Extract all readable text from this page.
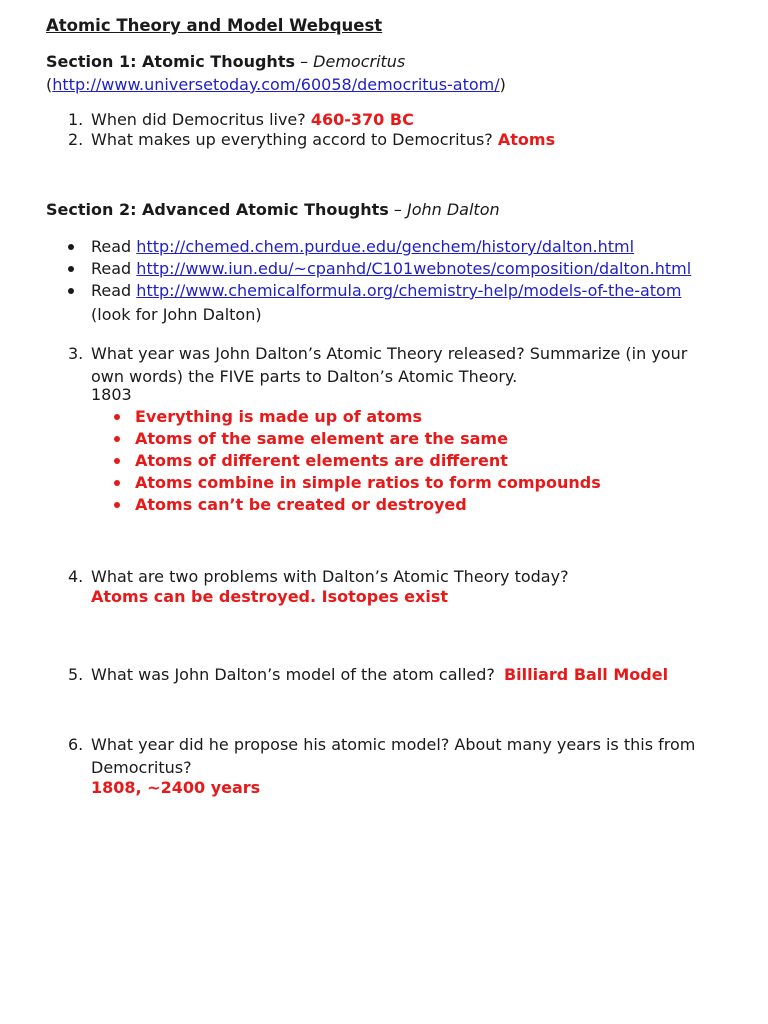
Atomic Theory and Model Webquest
Section 1: Atomic Thoughts – Democritus
(http://www.universetoday.com/60058/democritus-atom/)
1. When did Democritus live? 460-370 BC
2. What makes up everything accord to Democritus? Atoms
Section 2: Advanced Atomic Thoughts – John Dalton
Read http://chemed.chem.purdue.edu/genchem/history/dalton.html
Read http://www.iun.edu/~cpanhd/C101webnotes/composition/dalton.html
Read http://www.chemicalformula.org/chemistry-help/models-of-the-atom
(look for John Dalton)
3. What year was John Dalton’s Atomic Theory released? Summarize (in your
own words) the FIVE parts to Dalton’s Atomic Theory.
1803
Everything is made up of atoms
Atoms of the same element are the same
Atoms of different elements are different
Atoms combine in simple ratios to form compounds
Atoms can’t be created or destroyed
4. What are two problems with Dalton’s Atomic Theory today?
Atoms can be destroyed. Isotopes exist
5. What was John Dalton’s model of the atom called? Billiard Ball Model
6. What year did he propose his atomic model? About many years is this from
Democritus?
1808, ~2400 years
